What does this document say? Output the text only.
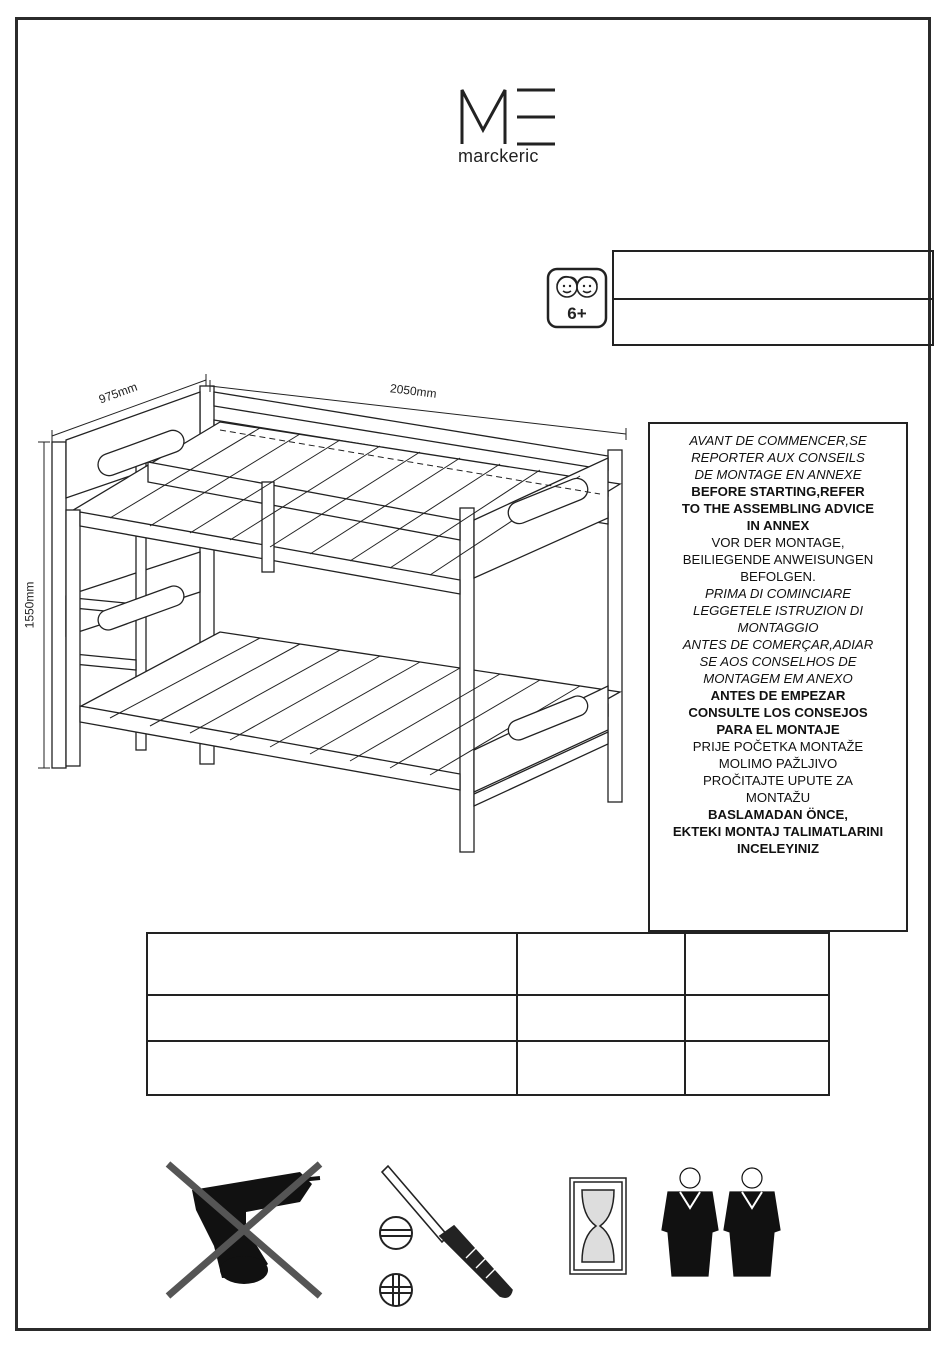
marckeric
6+
975mm	2050mm
1550mm
AVANT DE COMMENCER,SE
REPORTER AUX CONSEILS
DE MONTAGE EN ANNEXE
BEFORE STARTING,REFER
TO THE ASSEMBLING ADVICE
IN ANNEX
VOR DER MONTAGE,
BEILIEGENDE ANWEISUNGEN
BEFOLGEN.
PRIMA DI COMINCIARE
LEGGETELE ISTRUZION DI
MONTAGGIO
ANTES DE COMERÇAR,ADIAR
SE AOS CONSELHOS DE
MONTAGEM EM ANEXO
ANTES DE EMPEZAR
CONSULTE LOS CONSEJOS
PARA EL MONTAJE
PRIJE POČETKA MONTAŽE
MOLIMO PAŽLJIVO
PROČITAJTE UPUTE ZA
MONTAŽU
BASLAMADAN ÖNCE,
EKTEKI MONTAJ TALIMATLARINI
INCELEYINIZ
